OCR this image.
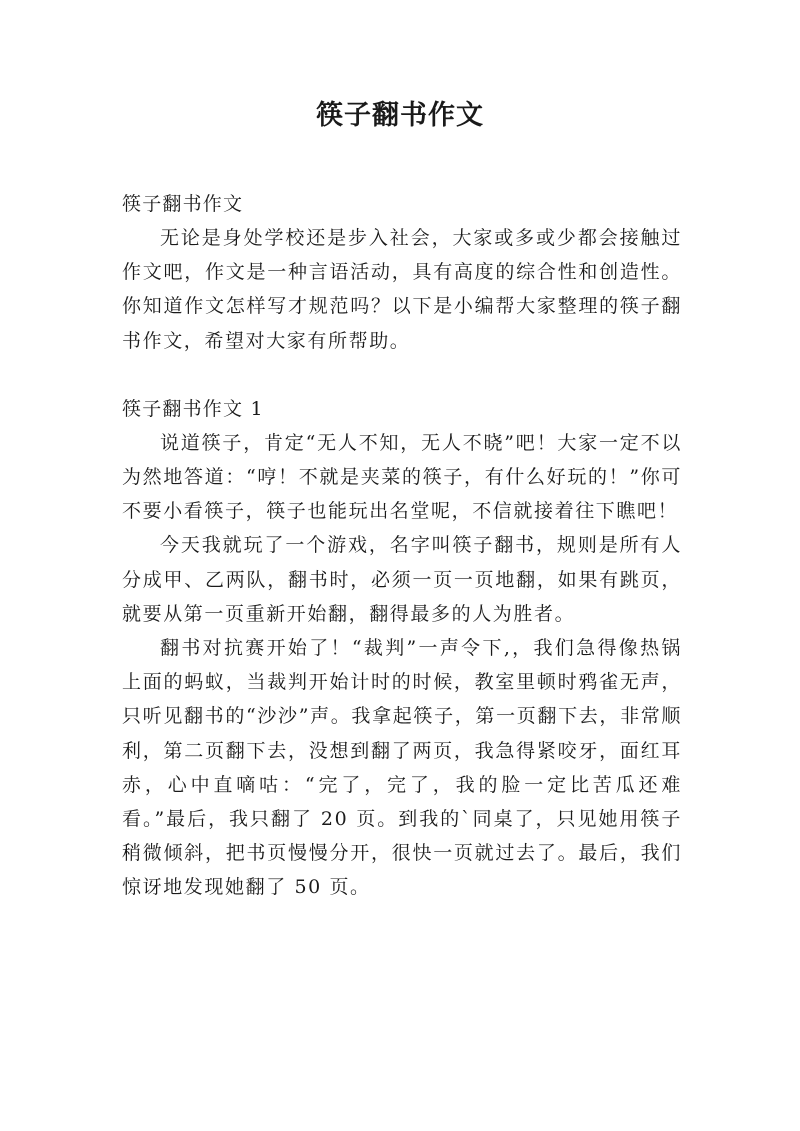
筷子翻书作文

筷子翻书作文

无论是身处学校还是步入社会，大家或多或少都会接触过作文吧，作文是一种言语活动，具有高度的综合性和创造性。你知道作文怎样写才规范吗？以下是小编帮大家整理的筷子翻书作文，希望对大家有所帮助。

筷子翻书作文 1

说道筷子，肯定“无人不知，无人不晓”吧！大家一定不以为然地答道：“哼！不就是夹菜的筷子，有什么好玩的！”你可不要小看筷子，筷子也能玩出名堂呢，不信就接着往下瞧吧！

今天我就玩了一个游戏，名字叫筷子翻书，规则是所有人分成甲、乙两队，翻书时，必须一页一页地翻，如果有跳页，就要从第一页重新开始翻，翻得最多的人为胜者。

翻书对抗赛开始了！“裁判”一声令下,，我们急得像热锅上面的蚂蚁，当裁判开始计时的时候，教室里顿时鸦雀无声，只听见翻书的“沙沙”声。我拿起筷子，第一页翻下去，非常顺利，第二页翻下去，没想到翻了两页，我急得紧咬牙，面红耳赤，心中直嘀咕：“完了，完了，我的脸一定比苦瓜还难看。”最后，我只翻了 20 页。到我的`同桌了，只见她用筷子稍微倾斜，把书页慢慢分开，很快一页就过去了。最后，我们惊讶地发现她翻了 50 页。
